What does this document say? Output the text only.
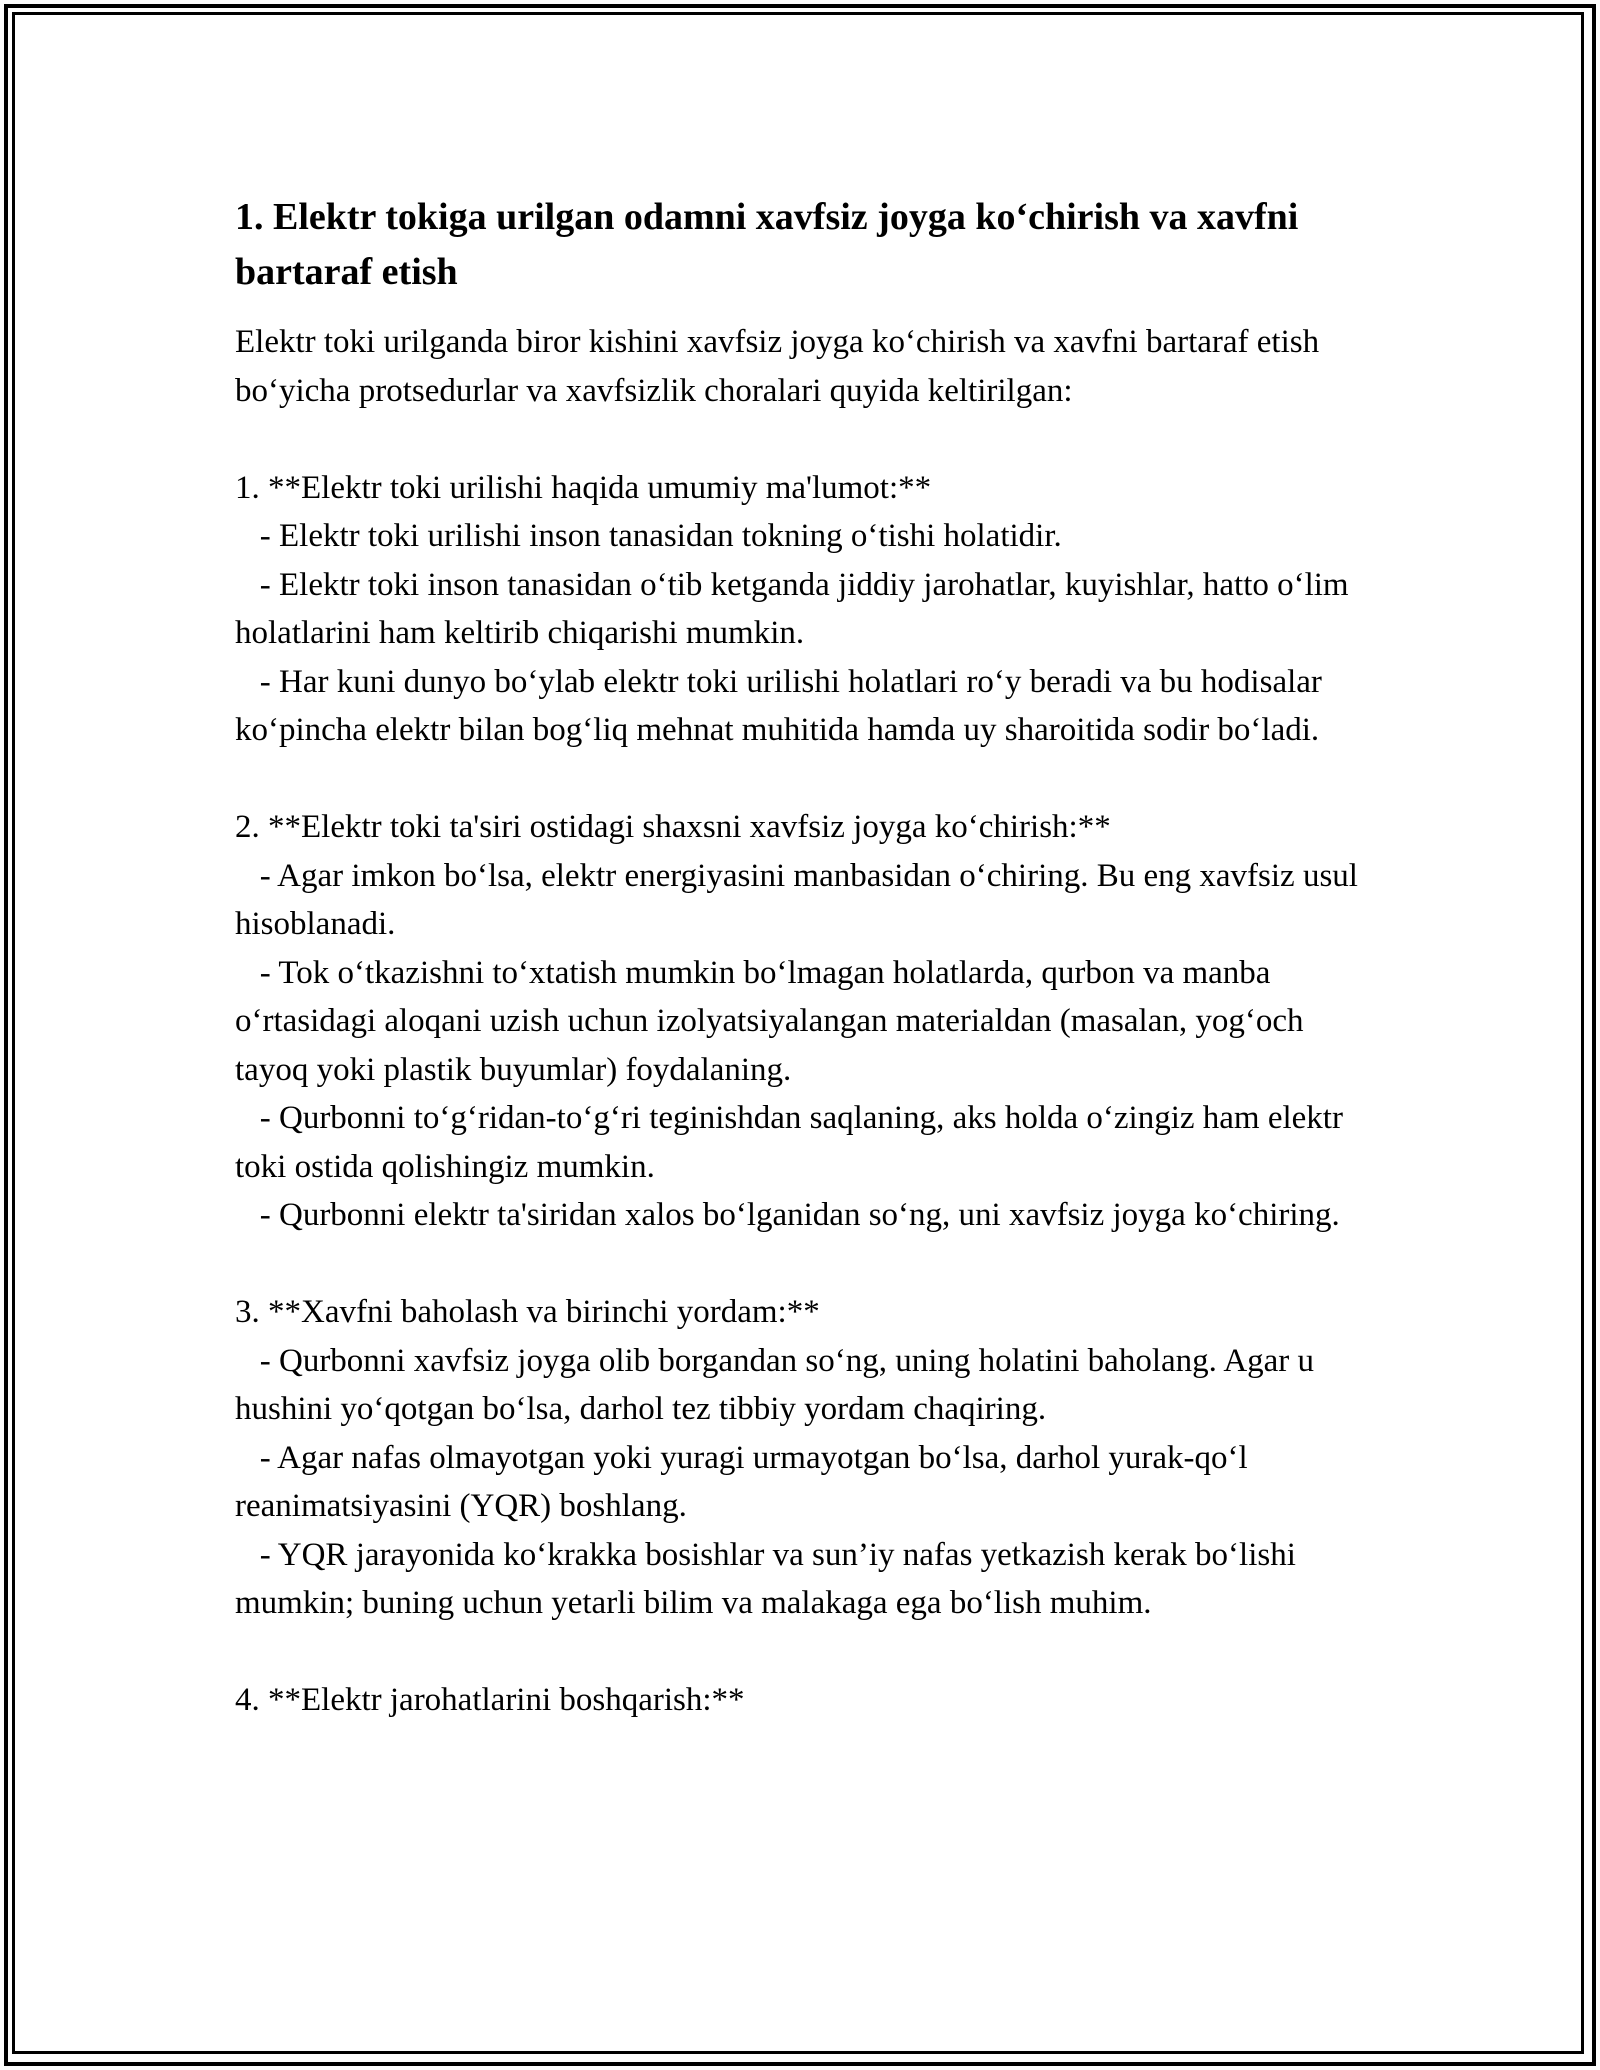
1. Elektr tokiga urilgan odamni xavfsiz joyga koʻchirish va xavfni bartaraf etish

Elektr toki urilganda biror kishini xavfsiz joyga koʻchirish va xavfni bartaraf etish boʻyicha protsedurlar va xavfsizlik choralari quyida keltirilgan:

1. **Elektr toki urilishi haqida umumiy ma'lumot:**

- Elektr toki urilishi inson tanasidan tokning oʻtishi holatidir.

- Elektr toki inson tanasidan oʻtib ketganda jiddiy jarohatlar, kuyishlar, hatto oʻlim holatlarini ham keltirib chiqarishi mumkin.

- Har kuni dunyo boʻylab elektr toki urilishi holatlari roʻy beradi va bu hodisalar koʻpincha elektr bilan bogʻliq mehnat muhitida hamda uy sharoitida sodir boʻladi.

2. **Elektr toki ta'siri ostidagi shaxsni xavfsiz joyga koʻchirish:**

- Agar imkon boʻlsa, elektr energiyasini manbasidan oʻchiring. Bu eng xavfsiz usul hisoblanadi.

- Tok oʻtkazishni toʻxtatish mumkin boʻlmagan holatlarda, qurbon va manba oʻrtasidagi aloqani uzish uchun izolyatsiyalangan materialdan (masalan, yogʻoch tayoq yoki plastik buyumlar) foydalaning.

- Qurbonni toʻgʻridan-toʻgʻri teginishdan saqlaning, aks holda oʻzingiz ham elektr toki ostida qolishingiz mumkin.

- Qurbonni elektr ta'siridan xalos boʻlganidan soʻng, uni xavfsiz joyga koʻchiring.

3. **Xavfni baholash va birinchi yordam:**

- Qurbonni xavfsiz joyga olib borgandan soʻng, uning holatini baholang. Agar u hushini yoʻqotgan boʻlsa, darhol tez tibbiy yordam chaqiring.

- Agar nafas olmayotgan yoki yuragi urmayotgan boʻlsa, darhol yurak-qoʻl reanimatsiyasini (YQR) boshlang.

- YQR jarayonida koʻkrakka bosishlar va sun’iy nafas yetkazish kerak boʻlishi mumkin; buning uchun yetarli bilim va malakaga ega boʻlish muhim.

4. **Elektr jarohatlarini boshqarish:**
